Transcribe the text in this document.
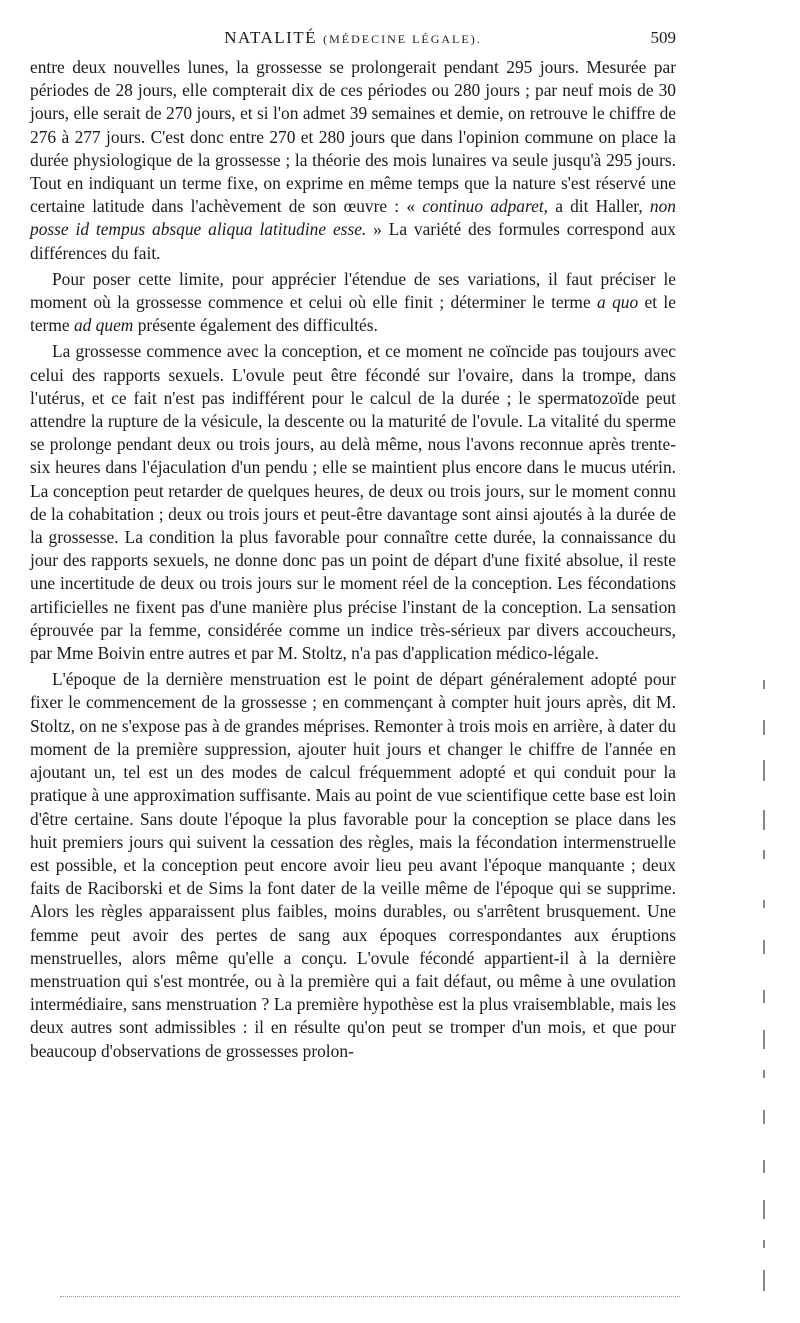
NATALITÉ (MÉDECINE LÉGALE).	509

entre deux nouvelles lunes, la grossesse se prolongerait pendant 295 jours. Mesurée par périodes de 28 jours, elle compterait dix de ces périodes ou 280 jours ; par neuf mois de 30 jours, elle serait de 270 jours, et si l'on admet 39 semaines et demie, on retrouve le chiffre de 276 à 277 jours. C'est donc entre 270 et 280 jours que dans l'opinion commune on place la durée physiologique de la grossesse ; la théorie des mois lunaires va seule jusqu'à 295 jours. Tout en indiquant un terme fixe, on exprime en même temps que la nature s'est réservé une certaine latitude dans l'achèvement de son œuvre : « continuo adparet, a dit Haller, non posse id tempus absque aliqua latitudine esse. » La variété des formules correspond aux différences du fait.

Pour poser cette limite, pour apprécier l'étendue de ses variations, il faut préciser le moment où la grossesse commence et celui où elle finit ; déterminer le terme a quo et le terme ad quem présente également des difficultés.

La grossesse commence avec la conception, et ce moment ne coïncide pas toujours avec celui des rapports sexuels. L'ovule peut être fécondé sur l'ovaire, dans la trompe, dans l'utérus, et ce fait n'est pas indifférent pour le calcul de la durée ; le spermatozoïde peut attendre la rupture de la vésicule, la descente ou la maturité de l'ovule. La vitalité du sperme se prolonge pendant deux ou trois jours, au delà même, nous l'avons reconnue après trente-six heures dans l'éjaculation d'un pendu ; elle se maintient plus encore dans le mucus utérin. La conception peut retarder de quelques heures, de deux ou trois jours, sur le moment connu de la cohabitation ; deux ou trois jours et peut-être davantage sont ainsi ajoutés à la durée de la grossesse. La condition la plus favorable pour connaître cette durée, la connaissance du jour des rapports sexuels, ne donne donc pas un point de départ d'une fixité absolue, il reste une incertitude de deux ou trois jours sur le moment réel de la conception. Les fécondations artificielles ne fixent pas d'une manière plus précise l'instant de la conception. La sensation éprouvée par la femme, considérée comme un indice très-sérieux par divers accoucheurs, par Mme Boivin entre autres et par M. Stoltz, n'a pas d'application médico-légale.

L'époque de la dernière menstruation est le point de départ généralement adopté pour fixer le commencement de la grossesse ; en commençant à compter huit jours après, dit M. Stoltz, on ne s'expose pas à de grandes méprises. Remonter à trois mois en arrière, à dater du moment de la première suppression, ajouter huit jours et changer le chiffre de l'année en ajoutant un, tel est un des modes de calcul fréquemment adopté et qui conduit pour la pratique à une approximation suffisante. Mais au point de vue scientifique cette base est loin d'être certaine. Sans doute l'époque la plus favorable pour la conception se place dans les huit premiers jours qui suivent la cessation des règles, mais la fécondation intermenstruelle est possible, et la conception peut encore avoir lieu peu avant l'époque manquante ; deux faits de Raciborski et de Sims la font dater de la veille même de l'époque qui se supprime. Alors les règles apparaissent plus faibles, moins durables, ou s'arrêtent brusquement. Une femme peut avoir des pertes de sang aux époques correspondantes aux éruptions menstruelles, alors même qu'elle a conçu. L'ovule fécondé appartient-il à la dernière menstruation qui s'est montrée, ou à la première qui a fait défaut, ou même à une ovulation intermédiaire, sans menstruation ? La première hypothèse est la plus vraisemblable, mais les deux autres sont admissibles : il en résulte qu'on peut se tromper d'un mois, et que pour beaucoup d'observations de grossesses prolon-
